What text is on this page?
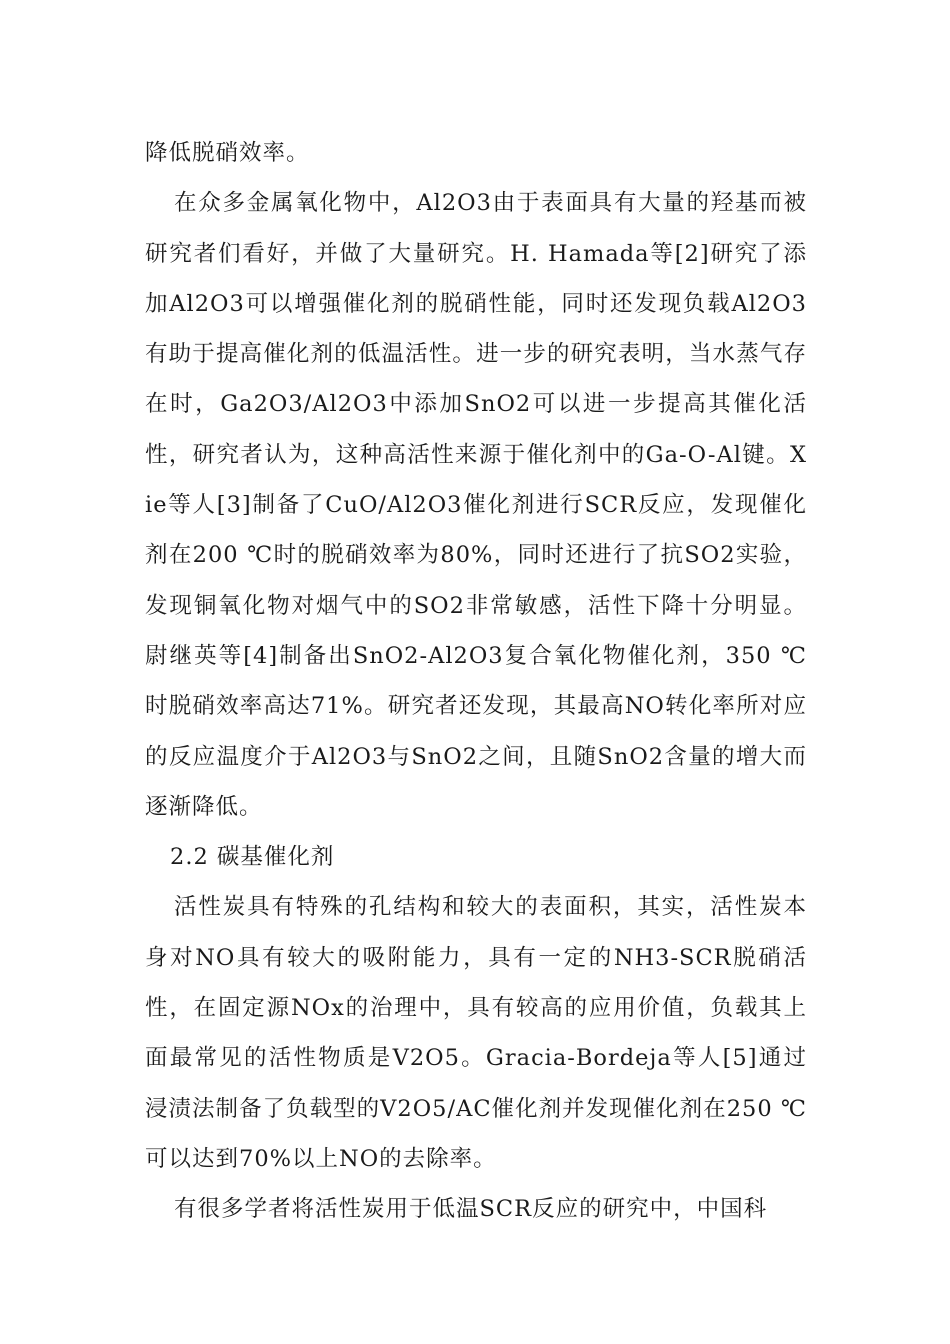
降低脱硝效率。

在众多金属氧化物中，Al2O3由于表面具有大量的羟基而被研究者们看好，并做了大量研究。H. Hamada等[2]研究了添加Al2O3可以增强催化剂的脱硝性能，同时还发现负载Al2O3有助于提高催化剂的低温活性。进一步的研究表明，当水蒸气存在时，Ga2O3/Al2O3中添加SnO2可以进一步提高其催化活性，研究者认为，这种高活性来源于催化剂中的Ga-O-Al键。Xie等人[3]制备了CuO/Al2O3催化剂进行SCR反应，发现催化剂在200 ℃时的脱硝效率为80%，同时还进行了抗SO2实验，发现铜氧化物对烟气中的SO2非常敏感，活性下降十分明显。尉继英等[4]制备出SnO2-Al2O3复合氧化物催化剂，350 ℃时脱硝效率高达71%。研究者还发现，其最高NO转化率所对应的反应温度介于Al2O3与SnO2之间，且随SnO2含量的增大而逐渐降低。

2.2 碳基催化剂

活性炭具有特殊的孔结构和较大的表面积，其实，活性炭本身对NO具有较大的吸附能力，具有一定的NH3-SCR脱硝活性，在固定源NOx的治理中，具有较高的应用价值，负载其上面最常见的活性物质是V2O5。Gracia-Bordeja等人[5]通过浸渍法制备了负载型的V2O5/AC催化剂并发现催化剂在250 ℃可以达到70%以上NO的去除率。

有很多学者将活性炭用于低温SCR反应的研究中，中国科
